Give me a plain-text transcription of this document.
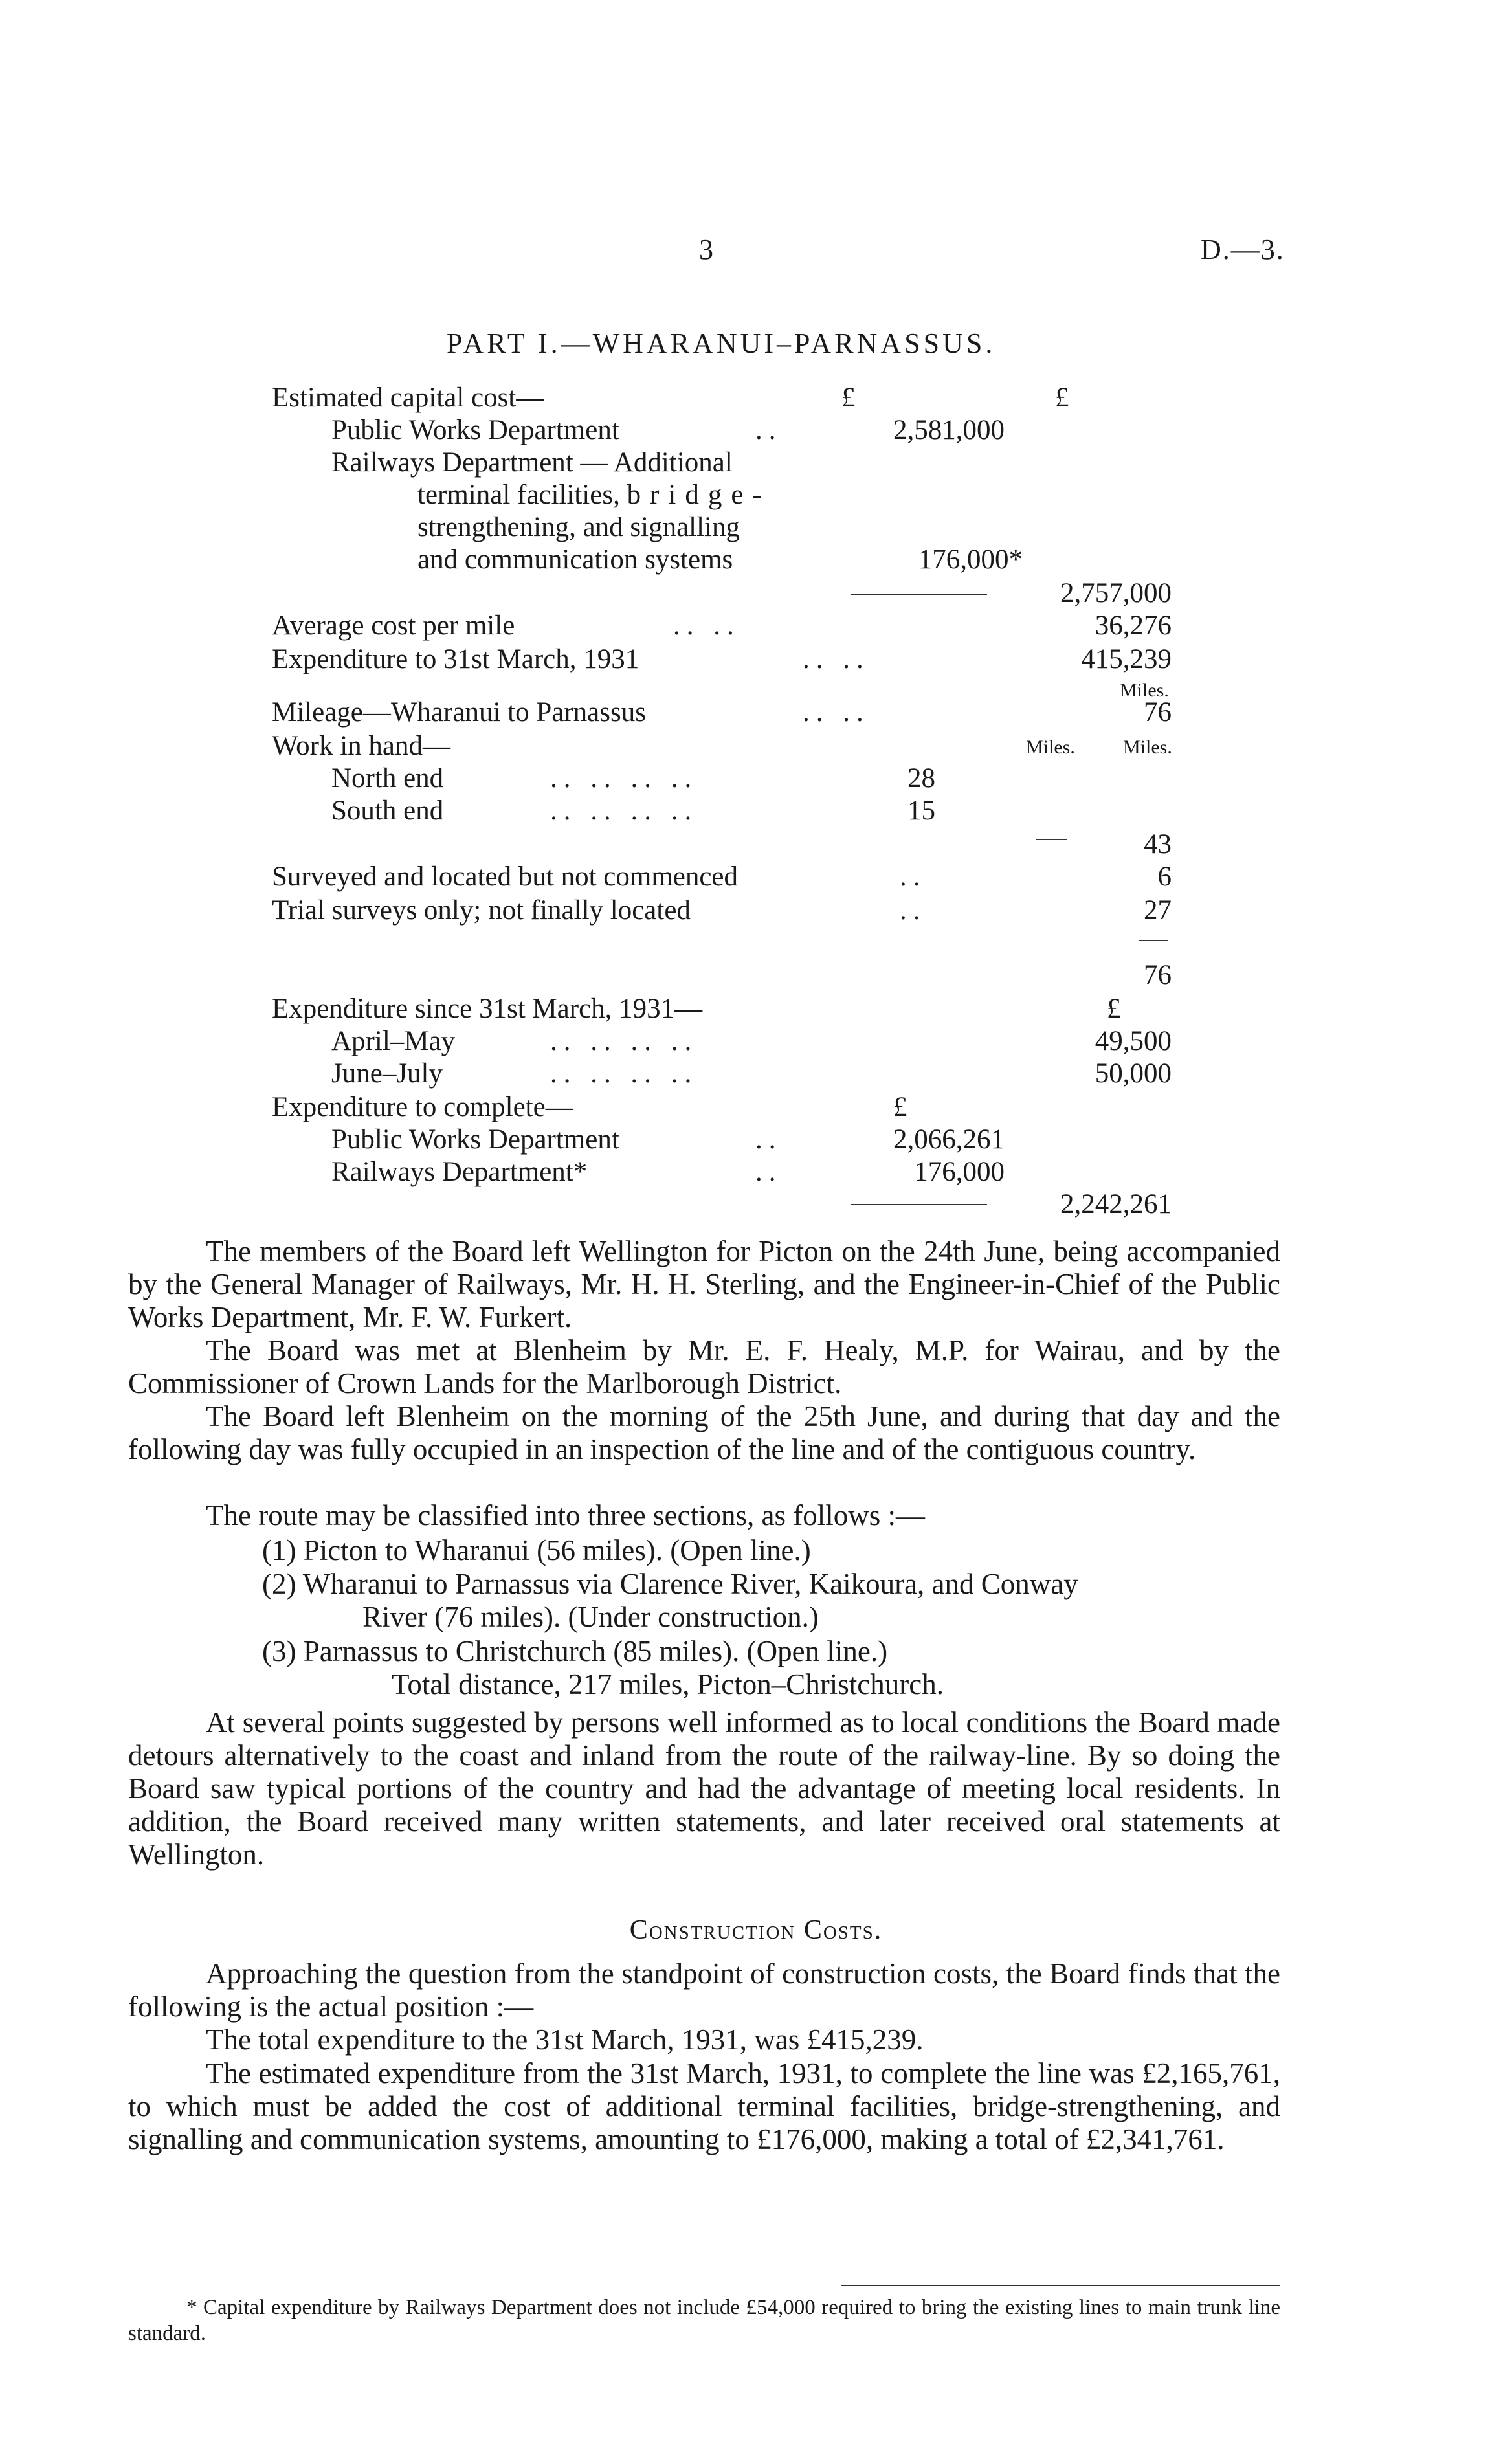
3	D.—3.
PART I.—WHARANUI–PARNASSUS.
£	£
Estimated capital cost—
Public Works Department	..	2,581,000
Railways Department — Additional
terminal facilities, bridge-
strengthening, and signalling
and communication systems	176,000*
2,757,000
Average cost per mile	.. ..	36,276
Expenditure to 31st March, 1931	.. ..	415,239
Miles.
Mileage—Wharanui to Parnassus	.. ..	76
Work in hand—	Miles. Miles.
North end	.. .. .. ..	28
South end	.. .. .. ..	15
43
Surveyed and located but not commenced	..	6
Trial surveys only; not finally located	..	27
76
Expenditure since 31st March, 1931—	£
April–May	.. .. .. ..	49,500
June–July	.. .. .. ..	50,000
Expenditure to complete—	£
Public Works Department	..	2,066,261
Railways Department*	..	176,000
2,242,261
The members of the Board left Wellington for Picton on the 24th June, being accompanied by the General Manager of Railways, Mr. H. H. Sterling, and the Engineer-in-Chief of the Public Works Department, Mr. F. W. Furkert.
The Board was met at Blenheim by Mr. E. F. Healy, M.P. for Wairau, and by the Commissioner of Crown Lands for the Marlborough District.
The Board left Blenheim on the morning of the 25th June, and during that day and the following day was fully occupied in an inspection of the line and of the contiguous country.
The route may be classified into three sections, as follows :—
(1) Picton to Wharanui (56 miles). (Open line.)
(2) Wharanui to Parnassus via Clarence River, Kaikoura, and Conway
River (76 miles). (Under construction.)
(3) Parnassus to Christchurch (85 miles). (Open line.)
Total distance, 217 miles, Picton–Christchurch.
At several points suggested by persons well informed as to local conditions the Board made detours alternatively to the coast and inland from the route of the railway-line. By so doing the Board saw typical portions of the country and had the advantage of meeting local residents. In addition, the Board received many written statements, and later received oral statements at Wellington.
Construction Costs.
Approaching the question from the standpoint of construction costs, the Board finds that the following is the actual position :—
The total expenditure to the 31st March, 1931, was £415,239.
The estimated expenditure from the 31st March, 1931, to complete the line was £2,165,761, to which must be added the cost of additional terminal facilities, bridge-strengthening, and signalling and communication systems, amounting to £176,000, making a total of £2,341,761.
* Capital expenditure by Railways Department does not include £54,000 required to bring the existing lines to main trunk line standard.
